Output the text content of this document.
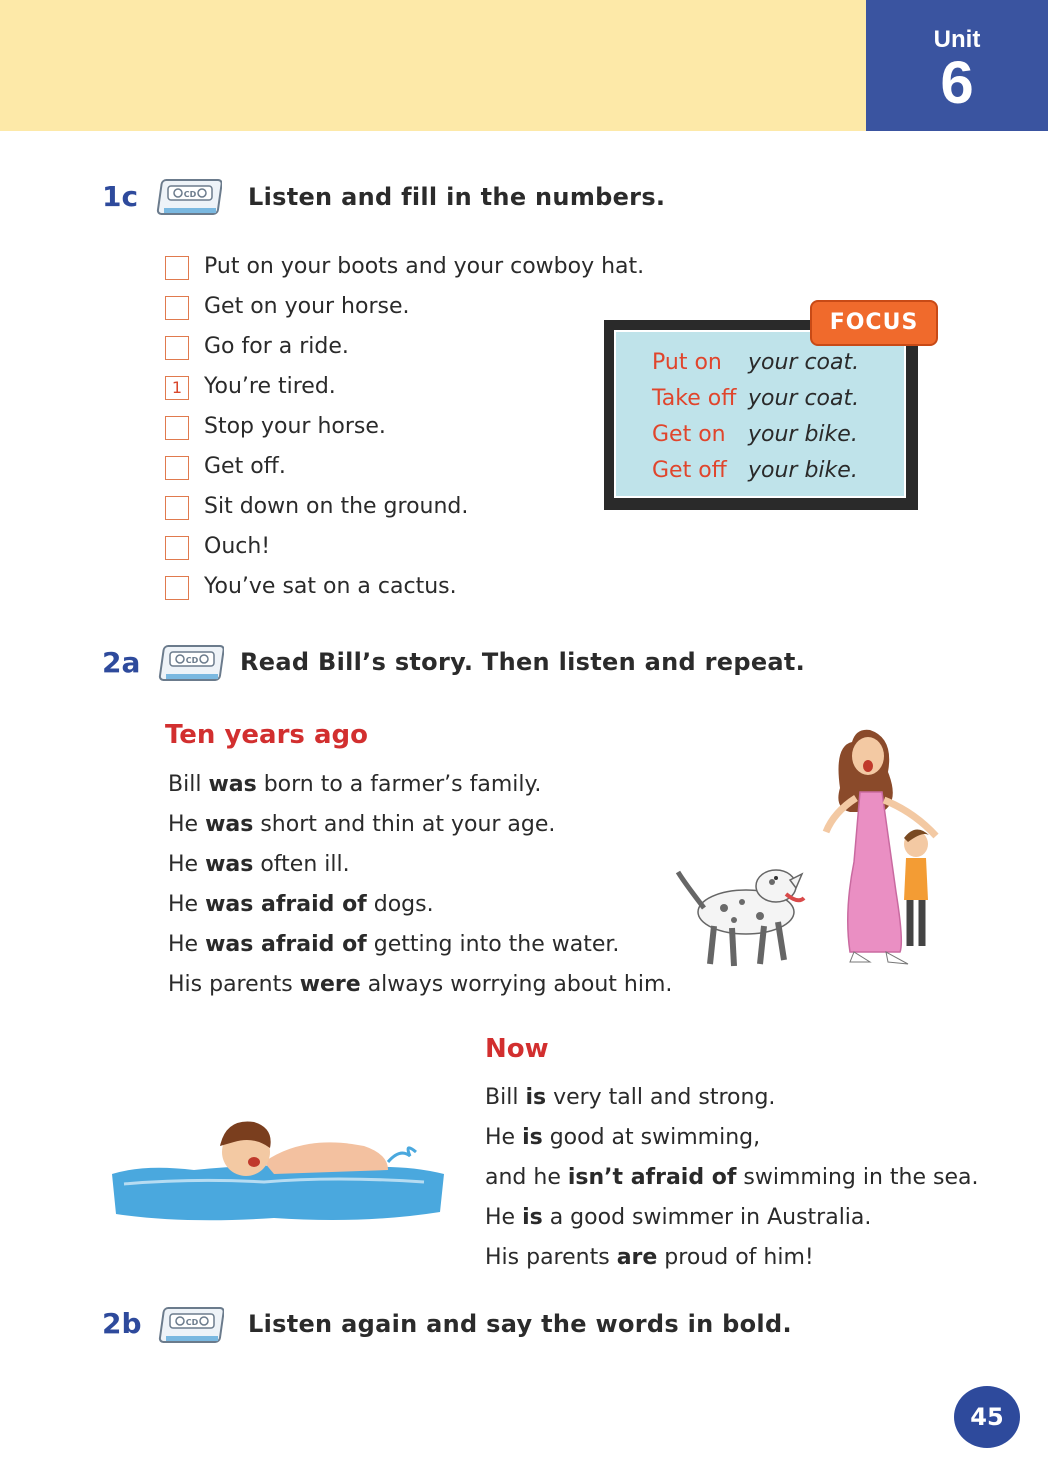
Unit
6
1c	Listen and fill in the numbers.
Put on your boots and your cowboy hat.
Get on your horse.
Go for a ride.
1 You’re tired.
Stop your horse.
Get off.
Sit down on the ground.
Ouch!
You’ve sat on a cactus.
Put on your coat.
Take off your coat.
Get on your bike.
Get off your bike.
FOCUS
2a	Read Bill’s story. Then listen and repeat.
Ten years ago
Bill was born to a farmer’s family.
He was short and thin at your age.
He was often ill.
He was afraid of dogs.
He was afraid of getting into the water.
His parents were always worrying about him.
Now
Bill is very tall and strong.
He is good at swimming,
and he isn’t afraid of swimming in the sea.
He is a good swimmer in Australia.
His parents are proud of him!
2b	Listen again and say the words in bold.
45
